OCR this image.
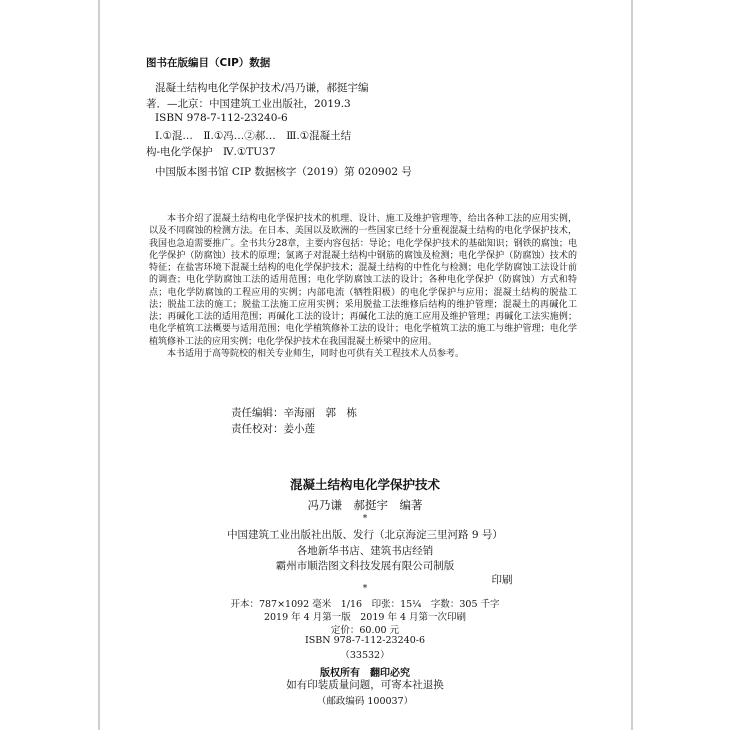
图书在版编目（CIP）数据
混凝土结构电化学保护技术/冯乃谦，郝挺宇编
著．—北京：中国建筑工业出版社，2019.3
ISBN 978-7-112-23240-6
Ⅰ.①混…　Ⅱ.①冯…②郝…　Ⅲ.①混凝土结
构-电化学保护　Ⅳ.①TU37
中国版本图书馆 CIP 数据核字（2019）第 020902 号

本书介绍了混凝土结构电化学保护技术的机理、设计、施工及维护管理等，给出各种工法的应用实例，以及不同腐蚀的检测方法。在日本、美国以及欧洲的一些国家已经十分重视混凝土结构的电化学保护技术，我国也急迫需要推广。全书共分28章，主要内容包括：导论；电化学保护技术的基础知识；钢铁的腐蚀；电化学保护（防腐蚀）技术的原理；氯离子对混凝土结构中钢筋的腐蚀及检测；电化学保护（防腐蚀）技术的特征；在盐害环境下混凝土结构的电化学保护技术；混凝土结构的中性化与检测；电化学防腐蚀工法设计前的调查；电化学防腐蚀工法的适用范围；电化学防腐蚀工法的设计；各种电化学保护（防腐蚀）方式和特点；电化学防腐蚀的工程应用的实例；内部电流（牺牲阳极）的电化学保护与应用；混凝土结构的脱盐工法；脱盐工法的施工；脱盐工法施工应用实例；采用脱盐工法维修后结构的维护管理；混凝土的再碱化工法；再碱化工法的适用范围；再碱化工法的设计；再碱化工法的施工应用及维护管理；再碱化工法实施例；电化学植筑工法概要与适用范围；电化学植筑修补工法的设计；电化学植筑工法的施工与维护管理；电化学植筑修补工法的应用实例；电化学保护技术在我国混凝土桥梁中的应用。

本书适用于高等院校的相关专业师生，同时也可供有关工程技术人员参考。

责任编辑：辛海丽　郭　栋
责任校对：姜小莲
混凝土结构电化学保护技术
冯乃谦　郝挺宇　编著
*
中国建筑工业出版社出版、发行（北京海淀三里河路 9 号）
各地新华书店、建筑书店经销
霸州市顺浩图文科技发展有限公司制版
印刷
*
开本：787×1092 毫米　1/16　印张：15¼　字数：305 千字
2019 年 4 月第一版　2019 年 4 月第一次印刷
定价：60.00 元
ISBN 978-7-112-23240-6
（33532）
版权所有　翻印必究
如有印装质量问题，可寄本社退换
（邮政编码 100037）
